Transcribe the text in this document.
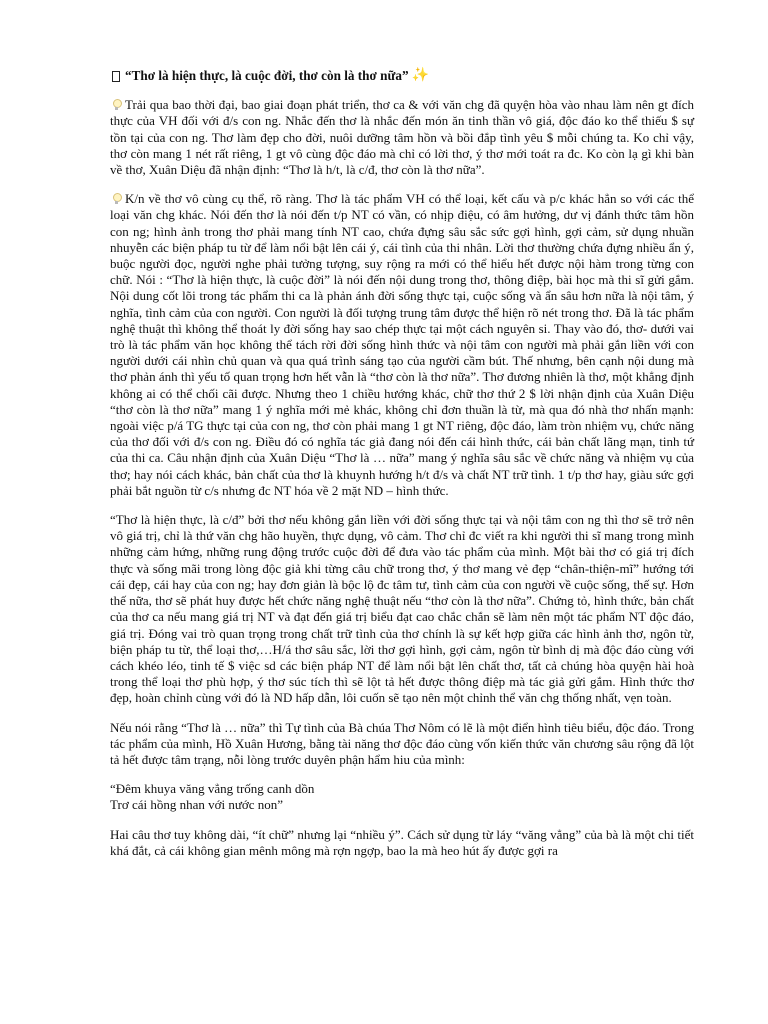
“Thơ là hiện thực, là cuộc đời, thơ còn là thơ nữa” ✨

Trải qua bao thời đại, bao giai đoạn phát triển, thơ ca & với văn chg đã quyện hòa vào nhau làm nên gt đích thực của VH đối với đ/s con ng. Nhắc đến thơ là nhắc đến món ăn tinh thần vô giá, độc đáo ko thể thiếu $ sự tồn tại của con ng. Thơ làm đẹp cho đời, nuôi dưỡng tâm hồn và bồi đắp tình yêu $ mỗi chúng ta. Ko chỉ vậy, thơ còn mang 1 nét rất riêng, 1 gt vô cùng độc đáo mà chỉ có lời thơ, ý thơ mới toát ra đc. Ko còn lạ gì khi bàn về thơ, Xuân Diệu đã nhận định: “Thơ là h/t, là c/đ, thơ còn là thơ nữa”.

K/n về thơ vô cùng cụ thể, rõ ràng. Thơ là tác phẩm VH có thể loại, kết cấu và p/c khác hẳn so với các thể loại văn chg khác. Nói đến thơ là nói đến t/p NT có vần, có nhịp điệu, có âm hưởng, dư vị đánh thức tâm hồn con ng; hình ảnh trong thơ phải mang tính NT cao, chứa đựng sâu sắc sức gợi hình, gợi cảm, sử dụng nhuần nhuyễn các biện pháp tu từ để làm nổi bật lên cái ý, cái tình của thi nhân. Lời thơ thường chứa đựng nhiều ẩn ý, buộc người đọc, người nghe phải tưởng tượng, suy rộng ra mới có thể hiểu hết được nội hàm trong từng con chữ. Nói : “Thơ là hiện thực, là cuộc đời” là nói đến nội dung trong thơ, thông điệp, bài học mà thi sĩ gửi gắm. Nội dung cốt lõi trong tác phẩm thi ca là phản ánh đời sống thực tại, cuộc sống và ẩn sâu hơn nữa là nội tâm, ý nghĩa, tình cảm của con người. Con người là đối tượng trung tâm được thể hiện rõ nét trong thơ. Đã là tác phẩm nghệ thuật thì không thể thoát ly đời sống hay sao chép thực tại một cách nguyên si. Thay vào đó, thơ- dưới vai trò là tác phẩm văn học không thể tách rời đời sống hình thức và nội tâm con người mà phải gắn liền với con người dưới cái nhìn chủ quan và qua quá trình sáng tạo của người cầm bút. Thế nhưng, bên cạnh nội dung mà thơ phản ánh thì yếu tố quan trọng hơn hết vẫn là “thơ còn là thơ nữa”. Thơ đương nhiên là thơ, một khẳng định không ai có thể chối cãi được. Nhưng theo 1 chiều hướng khác, chữ thơ thứ 2 $ lời nhận định của Xuân Diệu “thơ còn là thơ nữa” mang 1 ý nghĩa mới mẻ khác, không chỉ đơn thuần là từ, mà qua đó nhà thơ nhấn mạnh: ngoài việc p/á TG thực tại của con ng, thơ còn phải mang 1 gt NT riêng, độc đáo, làm tròn nhiệm vụ, chức năng của thơ đối với đ/s con ng. Điều đó có nghĩa tác giả đang nói đến cái hình thức, cái bản chất lãng mạn, tinh tứ của thi ca. Câu nhận định của Xuân Diệu “Thơ là … nữa” mang ý nghĩa sâu sắc về chức năng và nhiệm vụ của thơ; hay nói cách khác, bản chất của thơ là khuynh hướng h/t đ/s và chất NT trữ tình. 1 t/p thơ hay, giàu sức gợi phải bắt nguồn từ c/s nhưng đc NT hóa về 2 mặt ND – hình thức.

“Thơ là hiện thực, là c/đ” bởi thơ nếu không gắn liền với đời sống thực tại và nội tâm con ng thì thơ sẽ trở nên vô giá trị, chỉ là thứ văn chg hão huyền, thực dụng, vô cảm. Thơ chỉ đc viết ra khi người thi sĩ mang trong mình những cảm hứng, những rung động trước cuộc đời để đưa vào tác phẩm của mình. Một bài thơ có giá trị đích thực và sống mãi trong lòng độc giả khi từng câu chữ trong thơ, ý thơ mang vẻ đẹp “chân-thiện-mĩ” hướng tới cái đẹp, cái hay của con ng; hay đơn giản là bộc lộ đc tâm tư, tình cảm của con người về cuộc sống, thế sự. Hơn thế nữa, thơ sẽ phát huy được hết chức năng nghệ thuật nếu “thơ còn là thơ nữa”. Chứng tỏ, hình thức, bản chất của thơ ca nếu mang giá trị NT và đạt đến giá trị biểu đạt cao chắc chắn sẽ làm nên một tác phẩm NT độc đáo, giá trị. Đóng vai trò quan trọng trong chất trữ tình của thơ chính là sự kết hợp giữa các hình ảnh thơ, ngôn từ, biện pháp tu từ, thể loại thơ,…H/á thơ sâu sắc, lời thơ gợi hình, gợi cảm, ngôn từ bình dị mà độc đáo cùng với cách khéo léo, tinh tế $ việc sd các biện pháp NT để làm nổi bật lên chất thơ, tất cả chúng hòa quyện hài hoà trong thể loại thơ phù hợp, ý thơ súc tích thì sẽ lột tả hết được thông điệp mà tác giả gửi gắm. Hình thức thơ đẹp, hoàn chỉnh cùng với đó là ND hấp dẫn, lôi cuốn sẽ tạo nên một chỉnh thể văn chg thống nhất, vẹn toàn.

Nếu nói rằng “Thơ là … nữa” thì Tự tình của Bà chúa Thơ Nôm có lẽ là một điển hình tiêu biểu, độc đáo. Trong tác phẩm của mình, Hồ Xuân Hương, bằng tài năng thơ độc đáo cùng vốn kiến thức văn chương sâu rộng đã lột tả hết được tâm trạng, nỗi lòng trước duyên phận hẩm hiu của mình:

“Đêm khuya văng vẳng trống canh dồn
Trơ cái hồng nhan với nước non”

Hai câu thơ tuy không dài, “ít chữ” nhưng lại “nhiều ý”. Cách sử dụng từ láy “văng vẳng” của bà là một chi tiết khá đắt, cả cái không gian mênh mông mà rợn ngợp, bao la mà heo hút ấy được gợi ra
